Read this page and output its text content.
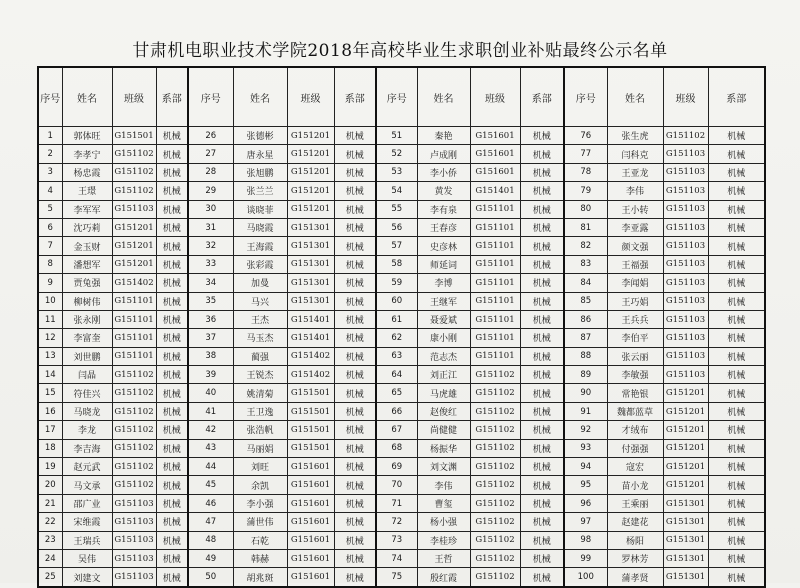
甘肃机电职业技术学院2018年高校毕业生求职创业补贴最终公示名单
序号	姓名	班级	系部	序号	姓名	班级	系部	序号	姓名	班级	系部	序号	姓名	班级	系部
1	郭体旺	G151501	机械	26	张德彬	G151201	机械	51	秦艳	G151601	机械	76	张生虎	G151102	机械
2	李孝宁	G151102	机械	27	唐永星	G151201	机械	52	卢成刚	G151601	机械	77	闫科克	G151103	机械
3	杨忠霞	G151102	机械	28	张旭鹏	G151201	机械	53	李小侨	G151601	机械	78	王亚龙	G151103	机械
4	王璟	G151102	机械	29	张兰兰	G151201	机械	54	黄发	G151401	机械	79	李伟	G151103	机械
5	李军军	G151103	机械	30	谈晓菲	G151201	机械	55	李有泉	G151101	机械	80	王小转	G151103	机械
6	沈巧莉	G151201	机械	31	马晓霞	G151301	机械	56	王春彦	G151101	机械	81	李亚露	G151103	机械
7	金玉财	G151201	机械	32	王海霞	G151301	机械	57	史彦林	G151101	机械	82	颜文强	G151103	机械
8	潘想军	G151201	机械	33	张彩霞	G151301	机械	58	师延词	G151101	机械	83	王福强	G151103	机械
9	贾兔强	G151402	机械	34	加曼	G151301	机械	59	李博	G151101	机械	84	李闻娟	G151103	机械
10	柳树伟	G151101	机械	35	马兴	G151301	机械	60	王继军	G151101	机械	85	王巧娟	G151103	机械
11	张永刚	G151101	机械	36	王杰	G151401	机械	61	聂爱斌	G151101	机械	86	王兵兵	G151103	机械
12	李富奎	G151101	机械	37	马玉杰	G151401	机械	62	康小刚	G151101	机械	87	李伯平	G151103	机械
13	刘世鹏	G151101	机械	38	蔺强	G151402	机械	63	范志杰	G151101	机械	88	张云丽	G151103	机械
14	闫晶	G151102	机械	39	王锐杰	G151402	机械	64	刘正江	G151102	机械	89	李敏强	G151103	机械
15	符佳兴	G151102	机械	40	姚清菊	G151501	机械	65	马虎雄	G151102	机械	90	常艳银	G151201	机械
16	马晓龙	G151102	机械	41	王卫逸	G151501	机械	66	赵俊红	G151102	机械	91	魏都蓝草	G151201	机械
17	李龙	G151102	机械	42	张浩帆	G151501	机械	67	尚健健	G151102	机械	92	才绒布	G151201	机械
18	李吉海	G151102	机械	43	马丽娟	G151501	机械	68	杨振华	G151102	机械	93	付强强	G151201	机械
19	赵元武	G151102	机械	44	刘旺	G151601	机械	69	刘文渊	G151102	机械	94	寇宏	G151201	机械
20	马文承	G151102	机械	45	余凯	G151601	机械	70	李伟	G151102	机械	95	苗小龙	G151201	机械
21	邵广业	G151103	机械	46	李小强	G151601	机械	71	曹玺	G151102	机械	96	王乘丽	G151301	机械
22	宋维霞	G151103	机械	47	蒲世伟	G151601	机械	72	杨小强	G151102	机械	97	赵建花	G151301	机械
23	王瑞兵	G151103	机械	48	石乾	G151601	机械	73	李桂珍	G151102	机械	98	杨阳	G151301	机械
24	吴伟	G151103	机械	49	韩赫	G151601	机械	74	王哲	G151102	机械	99	罗林芳	G151301	机械
25	刘建文	G151103	机械	50	胡兆斑	G151601	机械	75	殷红霞	G151102	机械	100	蒲孝贤	G151301	机械
